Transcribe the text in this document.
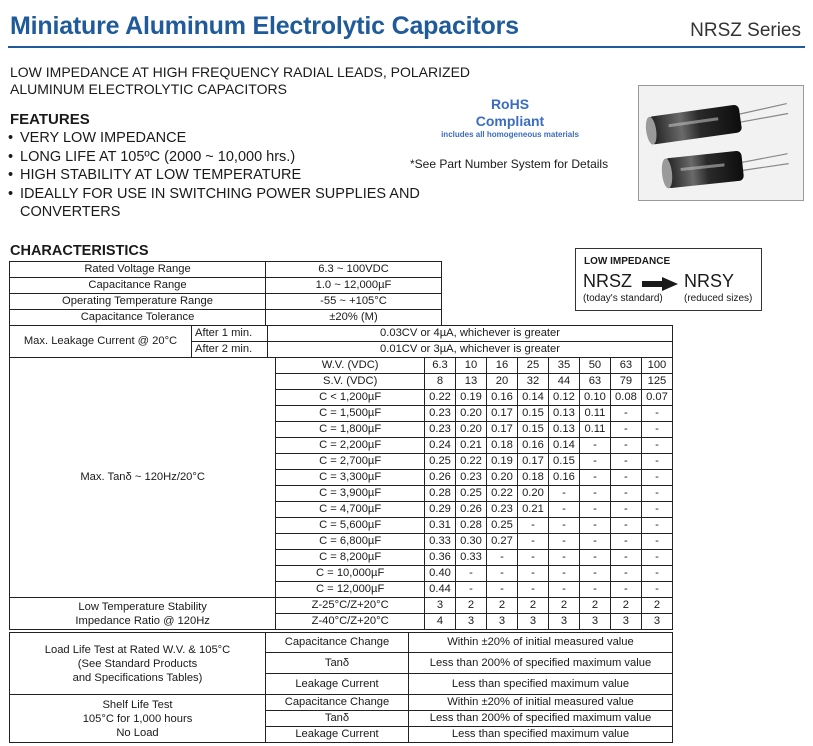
Miniature Aluminum Electrolytic Capacitors	NRSZ Series
LOW IMPEDANCE AT HIGH FREQUENCY RADIAL LEADS, POLARIZED
ALUMINUM ELECTROLYTIC CAPACITORS
FEATURES
• VERY LOW IMPEDANCE
• LONG LIFE AT 105ºC (2000 ~ 10,000 hrs.)
• HIGH STABILITY AT LOW TEMPERATURE
• IDEALLY FOR USE IN SWITCHING POWER SUPPLIES AND CONVERTERS
RoHS
Compliant
includes all homogeneous materials
*See Part Number System for Details
CHARACTERISTICS
LOW IMPEDANCE
NRSZ	NRSY
(today's standard) (reduced sizes)
Rated Voltage Range	6.3 ~ 100VDC
Capacitance Range	1.0 ~ 12,000µF
Operating Temperature Range	-55 ~ +105°C
Capacitance Tolerance	±20% (M)
Max. Leakage Current @ 20°C	After 1 min.	0.03CV or 4µA, whichever is greater
	After 2 min.	0.01CV or 3µA, whichever is greater
Max. Tanδ ~ 120Hz/20°C	W.V. (VDC)	6.3	10	16	25	35	50	63	100
	S.V. (VDC)	8	13	20	32	44	63	79	125
	C < 1,200µF	0.22	0.19	0.16	0.14	0.12	0.10	0.08	0.07
	C = 1,500µF	0.23	0.20	0.17	0.15	0.13	0.11	-	-
	C = 1,800µF	0.23	0.20	0.17	0.15	0.13	0.11	-	-
	C = 2,200µF	0.24	0.21	0.18	0.16	0.14	-	-	-
	C = 2,700µF	0.25	0.22	0.19	0.17	0.15	-	-	-
	C = 3,300µF	0.26	0.23	0.20	0.18	0.16	-	-	-
	C = 3,900µF	0.28	0.25	0.22	0.20	-	-	-	-
	C = 4,700µF	0.29	0.26	0.23	0.21	-	-	-	-
	C = 5,600µF	0.31	0.28	0.25	-	-	-	-	-
	C = 6,800µF	0.33	0.30	0.27	-	-	-	-	-
	C = 8,200µF	0.36	0.33	-	-	-	-	-	-
	C = 10,000µF	0.40	-	-	-	-	-	-	-
	C = 12,000µF	0.44	-	-	-	-	-	-	-

Low Temperature Stability
Impedance Ratio @ 120Hz	Z-25°C/Z+20°C	3	2	2	2	2	2	2	2
	Z-40°C/Z+20°C	4	3	3	3	3	3	3	3
Load Life Test at Rated W.V. & 105°C
(See Standard Products
and Specifications Tables)	Capacitance Change	Within ±20% of initial measured value
	Tanδ	Less than 200% of specified maximum value
	Leakage Current	Less than specified maximum value

Shelf Life Test
105°C for 1,000 hours
No Load	Capacitance Change	Within ±20% of initial measured value
	Tanδ	Less than 200% of specified maximum value
	Leakage Current	Less than specified maximum value
